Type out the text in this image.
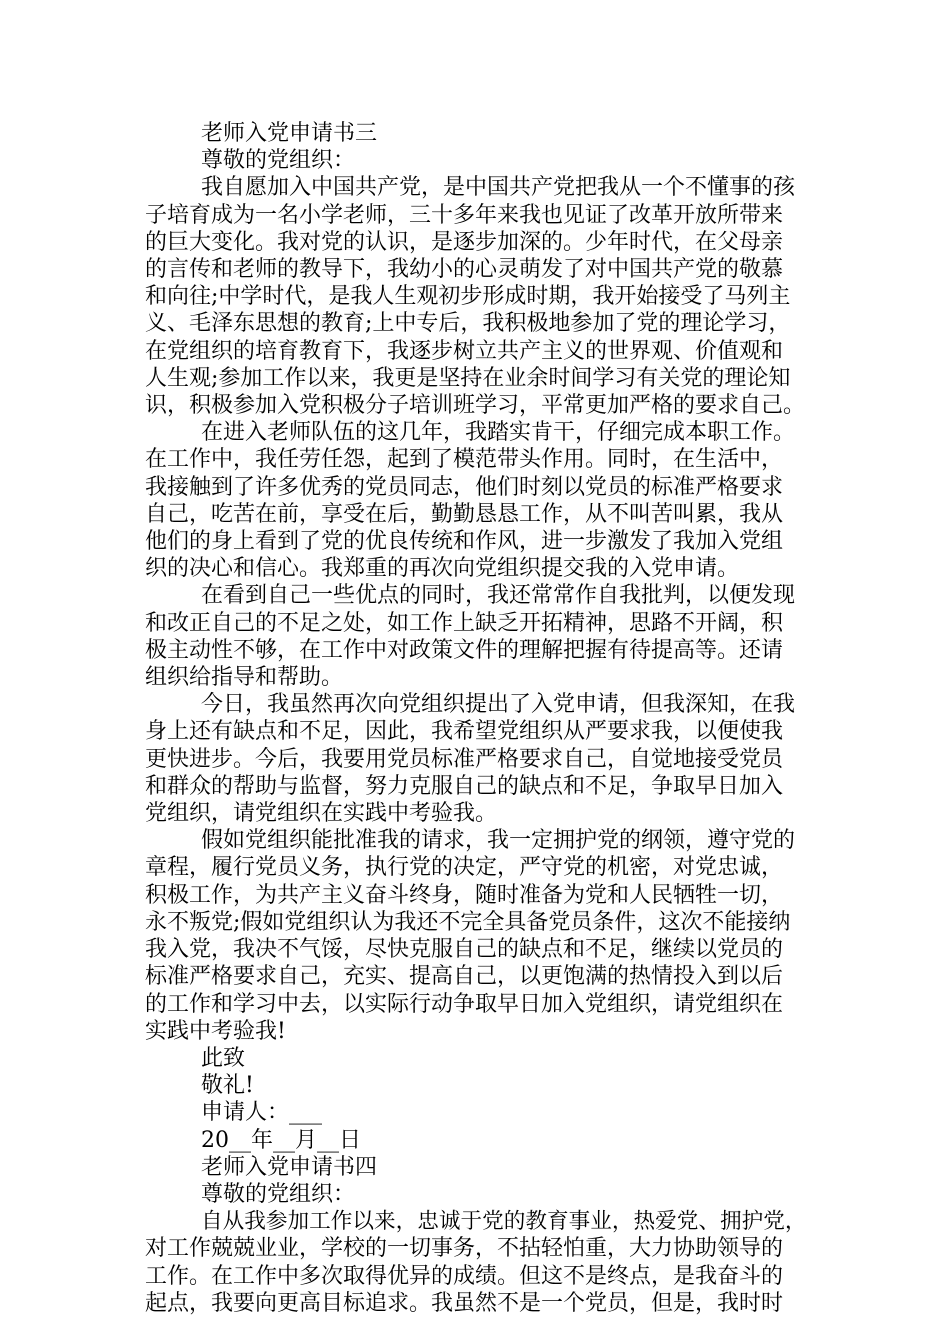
老师入党申请书三
尊敬的党组织：
我自愿加入中国共产党，是中国共产党把我从一个不懂事的孩
子培育成为一名小学老师，三十多年来我也见证了改革开放所带来
的巨大变化。我对党的认识，是逐步加深的。少年时代，在父母亲
的言传和老师的教导下，我幼小的心灵萌发了对中国共产党的敬慕
和向往;中学时代，是我人生观初步形成时期，我开始接受了马列主
义、毛泽东思想的教育;上中专后，我积极地参加了党的理论学习，
在党组织的培育教育下，我逐步树立共产主义的世界观、价值观和
人生观;参加工作以来，我更是坚持在业余时间学习有关党的理论知
识，积极参加入党积极分子培训班学习，平常更加严格的要求自己。
在进入老师队伍的这几年，我踏实肯干，仔细完成本职工作。
在工作中，我任劳任怨，起到了模范带头作用。同时，在生活中，
我接触到了许多优秀的党员同志，他们时刻以党员的标准严格要求
自己，吃苦在前，享受在后，勤勤恳恳工作，从不叫苦叫累，我从
他们的身上看到了党的优良传统和作风，进一步激发了我加入党组
织的决心和信心。我郑重的再次向党组织提交我的入党申请。
在看到自己一些优点的同时，我还常常作自我批判，以便发现
和改正自己的不足之处，如工作上缺乏开拓精神，思路不开阔，积
极主动性不够，在工作中对政策文件的理解把握有待提高等。还请
组织给指导和帮助。
今日，我虽然再次向党组织提出了入党申请，但我深知，在我
身上还有缺点和不足，因此，我希望党组织从严要求我，以便使我
更快进步。今后，我要用党员标准严格要求自己，自觉地接受党员
和群众的帮助与监督，努力克服自己的缺点和不足，争取早日加入
党组织，请党组织在实践中考验我。
假如党组织能批准我的请求，我一定拥护党的纲领，遵守党的
章程，履行党员义务，执行党的决定，严守党的机密，对党忠诚，
积极工作，为共产主义奋斗终身，随时准备为党和人民牺牲一切，
永不叛党;假如党组织认为我还不完全具备党员条件，这次不能接纳
我入党，我决不气馁，尽快克服自己的缺点和不足，继续以党员的
标准严格要求自己，充实、提高自己，以更饱满的热情投入到以后
的工作和学习中去，以实际行动争取早日加入党组织，请党组织在
实践中考验我!
此致
敬礼!
申请人：___
20__年__月__日
老师入党申请书四
尊敬的党组织：
自从我参加工作以来，忠诚于党的教育事业，热爱党、拥护党，
对工作兢兢业业，学校的一切事务，不拈轻怕重，大力协助领导的
工作。在工作中多次取得优异的成绩。但这不是终点，是我奋斗的
起点，我要向更高目标追求。我虽然不是一个党员，但是，我时时
